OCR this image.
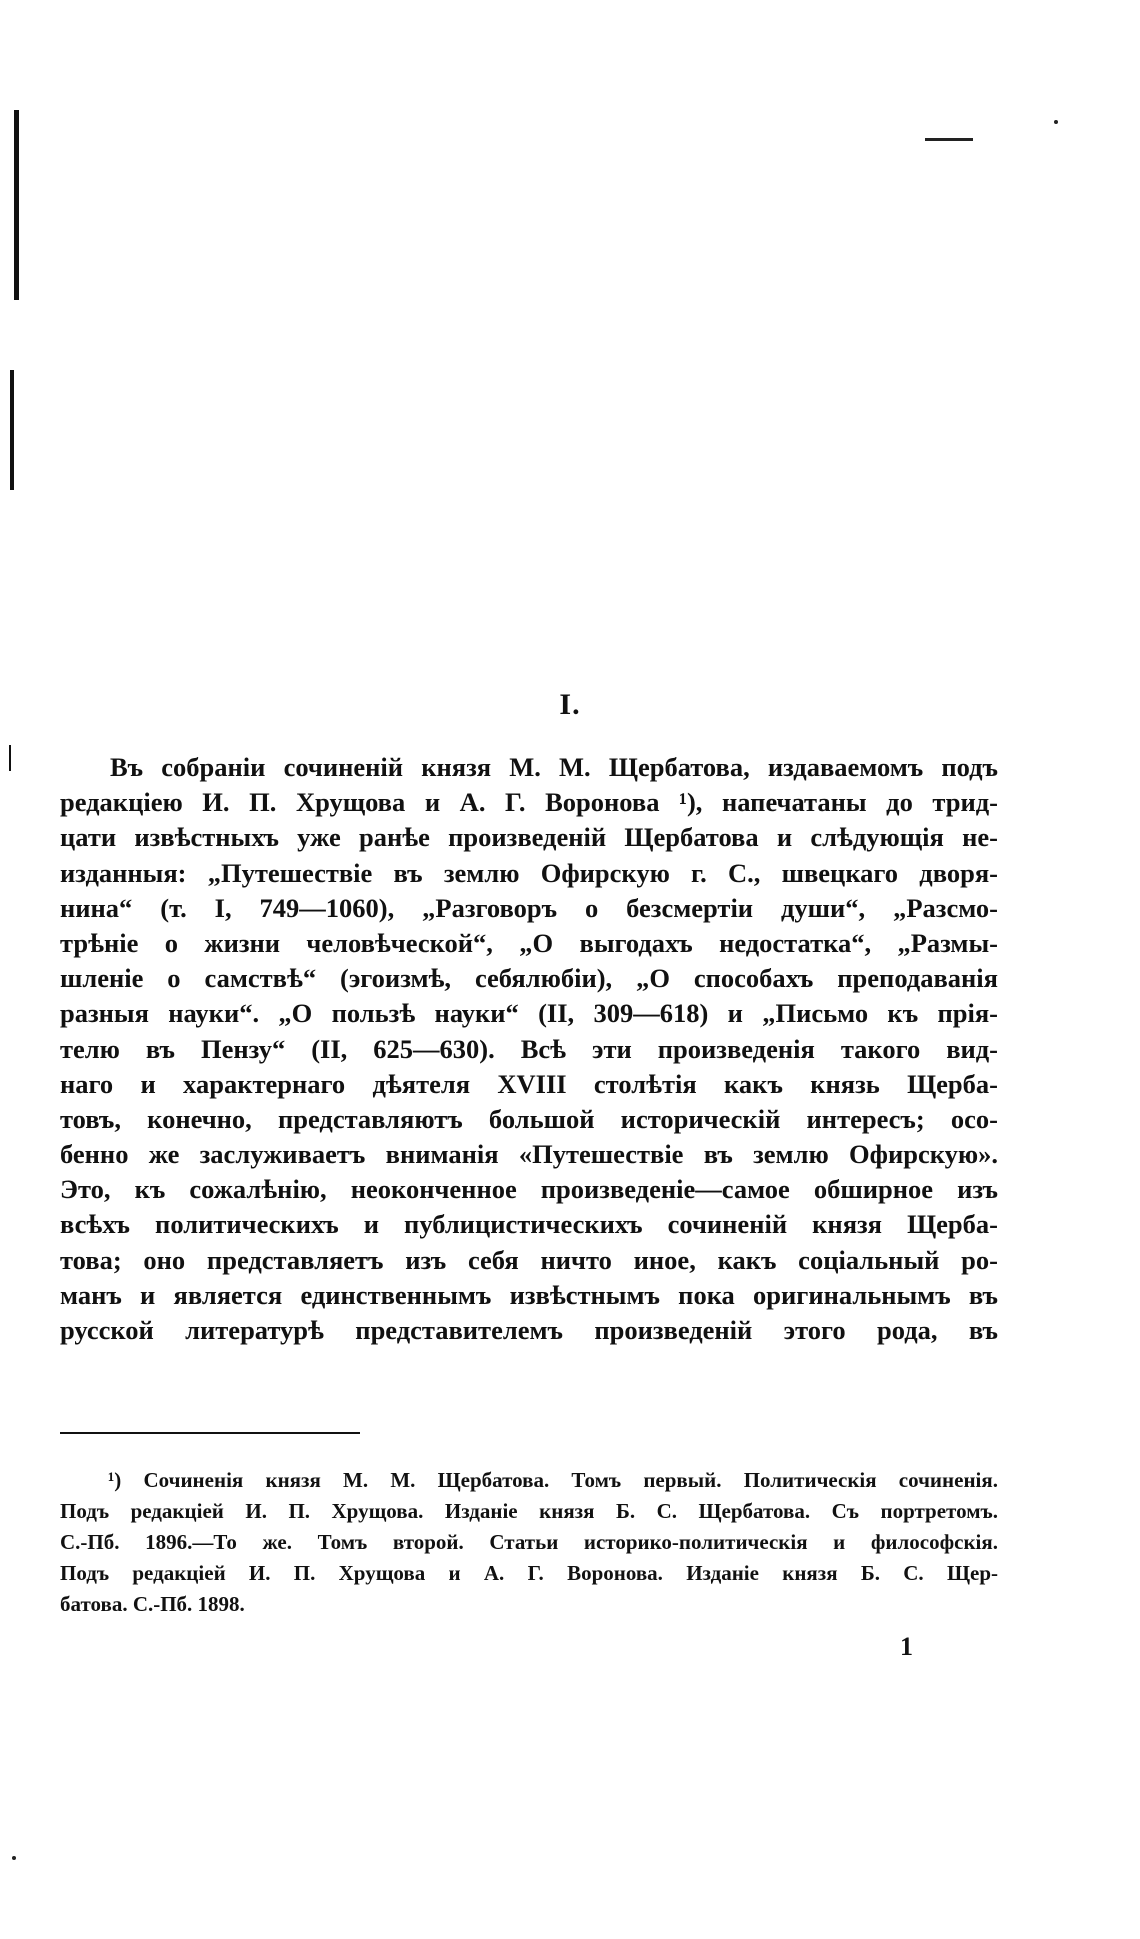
I.
Въ собраніи сочиненій князя М. М. Щербатова, издаваемомъ подъ
редакціею И. П. Хрущова и А. Г. Воронова ¹), напечатаны до трид-
цати извѣстныхъ уже ранѣе произведеній Щербатова и слѣдующія не-
изданныя: „Путешествіе въ землю Офирскую г. С., швецкаго дворя-
нина“ (т. I, 749—1060), „Разговоръ о безсмертіи души“, „Разсмо-
трѣніе о жизни человѣческой“, „О выгодахъ недостатка“, „Размы-
шленіе о самствѣ“ (эгоизмѣ, себялюбіи), „О способахъ преподаванія
разныя науки“. „О пользѣ науки“ (II, 309—618) и „Письмо къ прія-
телю въ Пензу“ (II, 625—630). Всѣ эти произведенія такого вид-
наго и характернаго дѣятеля XVIII столѣтія какъ князь Щерба-
товъ, конечно, представляютъ большой историческій интересъ; осо-
бенно же заслуживаетъ вниманія «Путешествіе въ землю Офирскую».
Это, къ сожалѣнію, неоконченное произведеніе—самое обширное изъ
всѣхъ политическихъ и публицистическихъ сочиненій князя Щерба-
това; оно представляетъ изъ себя ничто иное, какъ соціальный ро-
манъ и является единственнымъ извѣстнымъ пока оригинальнымъ въ
русской литературѣ представителемъ произведеній этого рода, въ
¹) Сочиненія князя М. М. Щербатова. Томъ первый. Политическія сочиненія.
Подъ редакціей И. П. Хрущова. Изданіе князя Б. С. Щербатова. Съ портретомъ.
С.-Пб. 1896.—То же. Томъ второй. Статьи историко-политическія и философскія.
Подъ редакціей И. П. Хрущова и А. Г. Воронова. Изданіе князя Б. С. Щер-
батова. С.-Пб. 1898.
1
